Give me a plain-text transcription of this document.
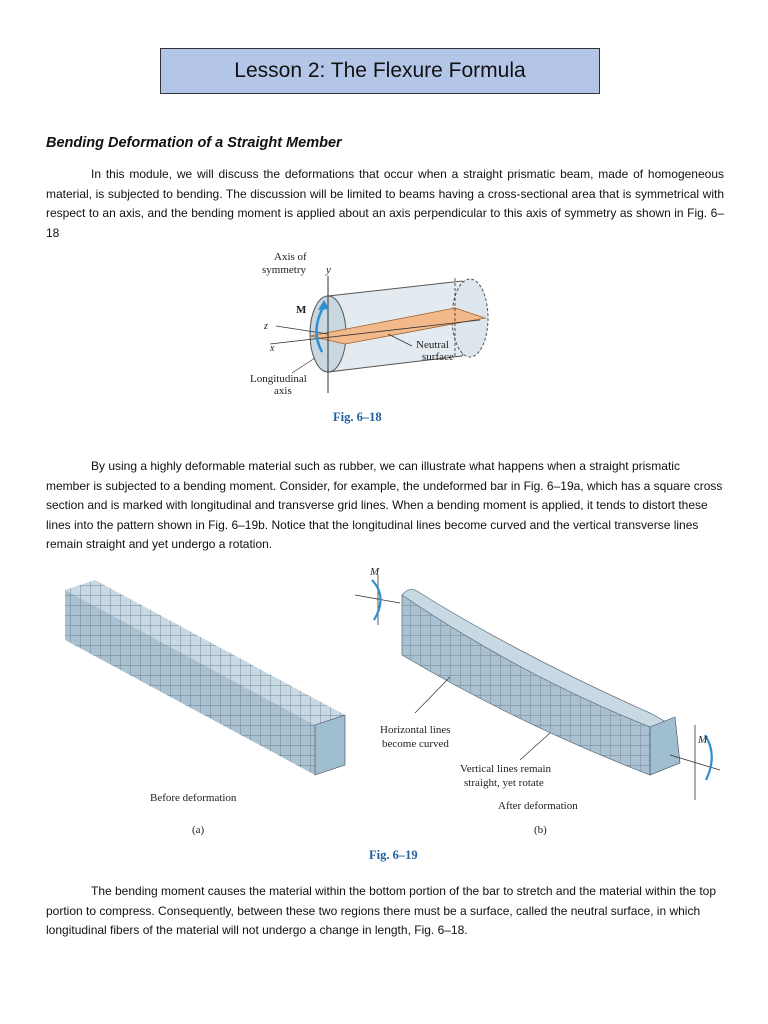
Lesson 2: The Flexure Formula
Bending Deformation of a Straight Member

In this module, we will discuss the deformations that occur when a straight prismatic beam, made of homogeneous material, is subjected to bending. The discussion will be limited to beams having a cross-sectional area that is symmetrical with respect to an axis, and the bending moment is applied about an axis perpendicular to this axis of symmetry as shown in Fig. 6–18

Axis of
symmetry y
M
z
x	Neutral
surface
Longitudinal
axis
Fig. 6–18

By using a highly deformable material such as rubber, we can illustrate what happens when a straight prismatic member is subjected to a bending moment. Consider, for example, the undeformed bar in Fig. 6–19a, which has a square cross section and is marked with longitudinal and transverse grid lines. When a bending moment is applied, it tends to distort these lines into the pattern shown in Fig. 6–19b. Notice that the longitudinal lines become curved and the vertical transverse lines remain straight and yet undergo a rotation.

M
M
Horizontal lines
become curved
Vertical lines remain
straight, yet rotate
Before deformation
After deformation
(a)	(b)
Fig. 6–19

The bending moment causes the material within the bottom portion of the bar to stretch and the material within the top portion to compress. Consequently, between these two regions there must be a surface, called the neutral surface, in which longitudinal fibers of the material will not undergo a change in length, Fig. 6–18.
